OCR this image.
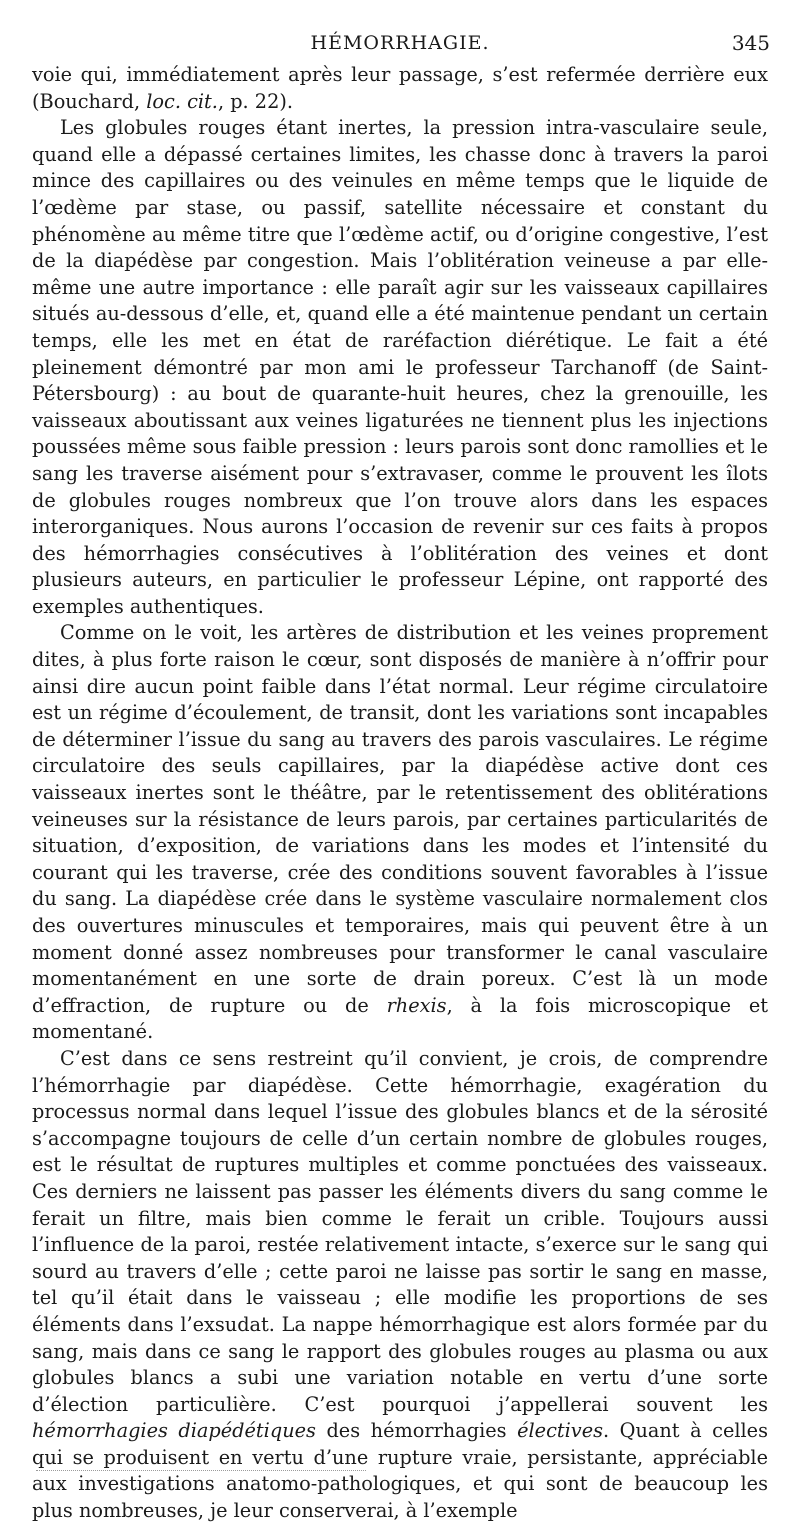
HÉMORRHAGIE.	345

voie qui, immédiatement après leur passage, s’est refermée derrière eux (Bouchard, loc. cit., p. 22).

Les globules rouges étant inertes, la pression intra-vasculaire seule, quand elle a dépassé certaines limites, les chasse donc à travers la paroi mince des capillaires ou des veinules en même temps que le liquide de l’œdème par stase, ou passif, satellite nécessaire et constant du phénomène au même titre que l’œdème actif, ou d’origine congestive, l’est de la diapédèse par congestion. Mais l’oblitération veineuse a par elle-même une autre importance : elle paraît agir sur les vaisseaux capillaires situés au-dessous d’elle, et, quand elle a été maintenue pendant un certain temps, elle les met en état de raréfaction diérétique. Le fait a été pleinement démontré par mon ami le professeur Tarchanoff (de Saint-Pétersbourg) : au bout de quarante-huit heures, chez la grenouille, les vaisseaux aboutissant aux veines ligaturées ne tiennent plus les injections poussées même sous faible pression : leurs parois sont donc ramollies et le sang les traverse aisément pour s’extravaser, comme le prouvent les îlots de globules rouges nombreux que l’on trouve alors dans les espaces interorganiques. Nous aurons l’occasion de revenir sur ces faits à propos des hémorrhagies consécutives à l’oblitération des veines et dont plusieurs auteurs, en particulier le professeur Lépine, ont rapporté des exemples authentiques.

Comme on le voit, les artères de distribution et les veines proprement dites, à plus forte raison le cœur, sont disposés de manière à n’offrir pour ainsi dire aucun point faible dans l’état normal. Leur régime circulatoire est un régime d’écoulement, de transit, dont les variations sont incapables de déterminer l’issue du sang au travers des parois vasculaires. Le régime circulatoire des seuls capillaires, par la diapédèse active dont ces vaisseaux inertes sont le théâtre, par le retentissement des oblitérations veineuses sur la résistance de leurs parois, par certaines particularités de situation, d’exposition, de variations dans les modes et l’intensité du courant qui les traverse, crée des conditions souvent favorables à l’issue du sang. La diapédèse crée dans le système vasculaire normalement clos des ouvertures minuscules et temporaires, mais qui peuvent être à un moment donné assez nombreuses pour transformer le canal vasculaire momentanément en une sorte de drain poreux. C’est là un mode d’effraction, de rupture ou de rhexis, à la fois microscopique et momentané.

C’est dans ce sens restreint qu’il convient, je crois, de comprendre l’hémorrhagie par diapédèse. Cette hémorrhagie, exagération du processus normal dans lequel l’issue des globules blancs et de la sérosité s’accompagne toujours de celle d’un certain nombre de globules rouges, est le résultat de ruptures multiples et comme ponctuées des vaisseaux. Ces derniers ne laissent pas passer les éléments divers du sang comme le ferait un filtre, mais bien comme le ferait un crible. Toujours aussi l’influence de la paroi, restée relativement intacte, s’exerce sur le sang qui sourd au travers d’elle ; cette paroi ne laisse pas sortir le sang en masse, tel qu’il était dans le vaisseau ; elle modifie les proportions de ses éléments dans l’exsudat. La nappe hémorrhagique est alors formée par du sang, mais dans ce sang le rapport des globules rouges au plasma ou aux globules blancs a subi une variation notable en vertu d’une sorte d’élection particulière. C’est pourquoi j’appellerai souvent les hémorrhagies diapédétiques des hémorrhagies électives. Quant à celles qui se produisent en vertu d’une rupture vraie, persistante, appréciable aux investigations anatomo-pathologiques, et qui sont de beaucoup les plus nombreuses, je leur conserverai, à l’exemple
